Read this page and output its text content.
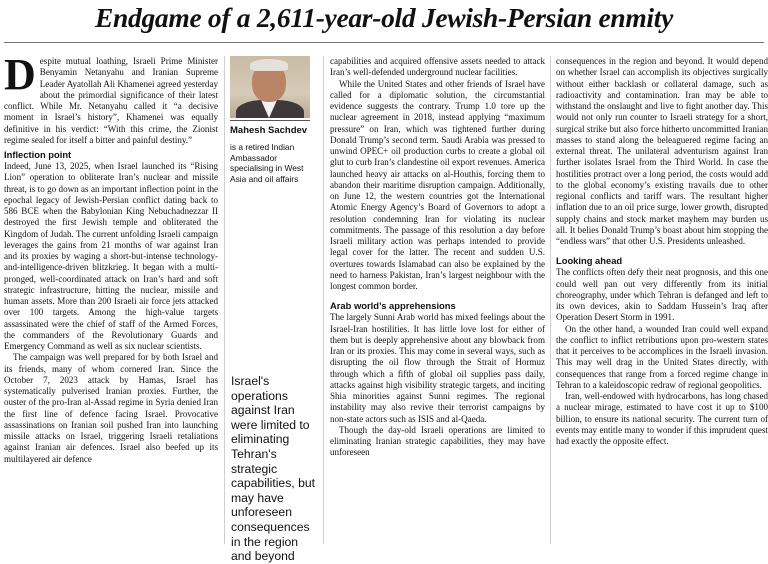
Endgame of a 2,611-year-old Jewish-Persian enmity

Despite mutual loathing, Israeli Prime Minister Benyamin Netanyahu and Iranian Supreme Leader Ayatollah Ali Khamenei agreed yesterday about the primordial significance of their latest conflict. While Mr. Netanyahu called it “a decisive moment in Israel’s history”, Khamenei was equally definitive in his verdict: “With this crime, the Zionist regime sealed for itself a bitter and painful destiny.”

Inflection point

Indeed, June 13, 2025, when Israel launched its “Rising Lion” operation to obliterate Iran’s nuclear and missile threat, is to go down as an important inflection point in the epochal legacy of Jewish-Persian conflict dating back to 586 BCE when the Babylonian King Nebuchadnezzar II destroyed the first Jewish temple and obliterated the Kingdom of Judah. The current unfolding Israeli campaign leverages the gains from 21 months of war against Iran and its proxies by waging a short-but-intense technology-and-intelligence-driven blitzkrieg. It began with a multi-pronged, well-coordinated attack on Iran’s hard and soft strategic infrastructure, hitting the nuclear, missile and human assets. More than 200 Israeli air force jets attacked over 100 targets. Among the high-value targets assassinated were the chief of staff of the Armed Forces, the commanders of the Revolutionary Guards and Emergency Command as well as six nuclear scientists.

The campaign was well prepared for by both Israel and its friends, many of whom cornered Iran. Since the October 7, 2023 attack by Hamas, Israel has systematically pulverised Iranian proxies. Further, the ouster of the pro-Iran al-Assad regime in Syria denied Iran the first line of defence facing Israel. Provocative assassinations on Iranian soil pushed Iran into launching missile attacks on Israel, triggering Israeli retaliations against Iranian air defences. Israel also beefed up its multilayered air defence

Mahesh Sachdev
is a retired Indian Ambassador specialising in West Asia and oil affairs
Israel's operations against Iran were limited to eliminating Tehran's strategic capabilities, but may have unforeseen consequences in the region and beyond

capabilities and acquired offensive assets needed to attack Iran’s well-defended underground nuclear facilities.

While the United States and other friends of Israel have called for a diplomatic solution, the circumstantial evidence suggests the contrary. Trump 1.0 tore up the nuclear agreement in 2018, instead applying “maximum pressure” on Iran, which was tightened further during Donald Trump’s second term. Saudi Arabia was pressed to unwind OPEC+ oil production curbs to create a global oil glut to curb Iran’s clandestine oil export revenues. America launched heavy air attacks on al-Houthis, forcing them to abandon their maritime disruption campaign. Additionally, on June 12, the western countries got the International Atomic Energy Agency’s Board of Governors to adopt a resolution condemning Iran for violating its nuclear commitments. The passage of this resolution a day before Israeli military action was perhaps intended to provide legal cover for the latter. The recent and sudden U.S. overtures towards Islamabad can also be explained by the need to harness Pakistan, Iran’s largest neighbour with the longest common border.

Arab world’s apprehensions

The largely Sunni Arab world has mixed feelings about the Israel-Iran hostilities. It has little love lost for either of them but is deeply apprehensive about any blowback from Iran or its proxies. This may come in several ways, such as disrupting the oil flow through the Strait of Hormuz through which a fifth of global oil supplies pass daily, attacks against high visibility strategic targets, and inciting Shia minorities against Sunni regimes. The regional instability may also revive their terrorist campaigns by non-state actors such as ISIS and al-Qaeda.

Though the day-old Israeli operations are limited to eliminating Iranian strategic capabilities, they may have unforeseen

consequences in the region and beyond. It would depend on whether Israel can accomplish its objectives surgically without either backlash or collateral damage, such as radioactivity and contamination. Iran may be able to withstand the onslaught and live to fight another day. This would not only run counter to Israeli strategy for a short, surgical strike but also force hitherto uncommitted Iranian masses to stand along the beleaguered regime facing an external threat. The unilateral adventurism against Iran further isolates Israel from the Third World. In case the hostilities protract over a long period, the costs would add to the global economy’s existing travails due to other regional conflicts and tariff wars. The resultant higher inflation due to an oil price surge, lower growth, disrupted supply chains and stock market mayhem may burden us all. It belies Donald Trump’s boast about him stopping the “endless wars” that other U.S. Presidents unleashed.

Looking ahead

The conflicts often defy their neat prognosis, and this one could well pan out very differently from its initial choreography, under which Tehran is defanged and left to its own devices, akin to Saddam Hussein’s Iraq after Operation Desert Storm in 1991.

On the other hand, a wounded Iran could well expand the conflict to inflict retributions upon pro-western states that it perceives to be accomplices in the Israeli invasion. This may well drag in the United States directly, with consequences that range from a forced regime change in Tehran to a kaleidoscopic redraw of regional geopolitics.

Iran, well-endowed with hydrocarbons, has long chased a nuclear mirage, estimated to have cost it up to $100 billion, to ensure its national security. The current turn of events may entitle many to wonder if this imprudent quest had exactly the opposite effect.
